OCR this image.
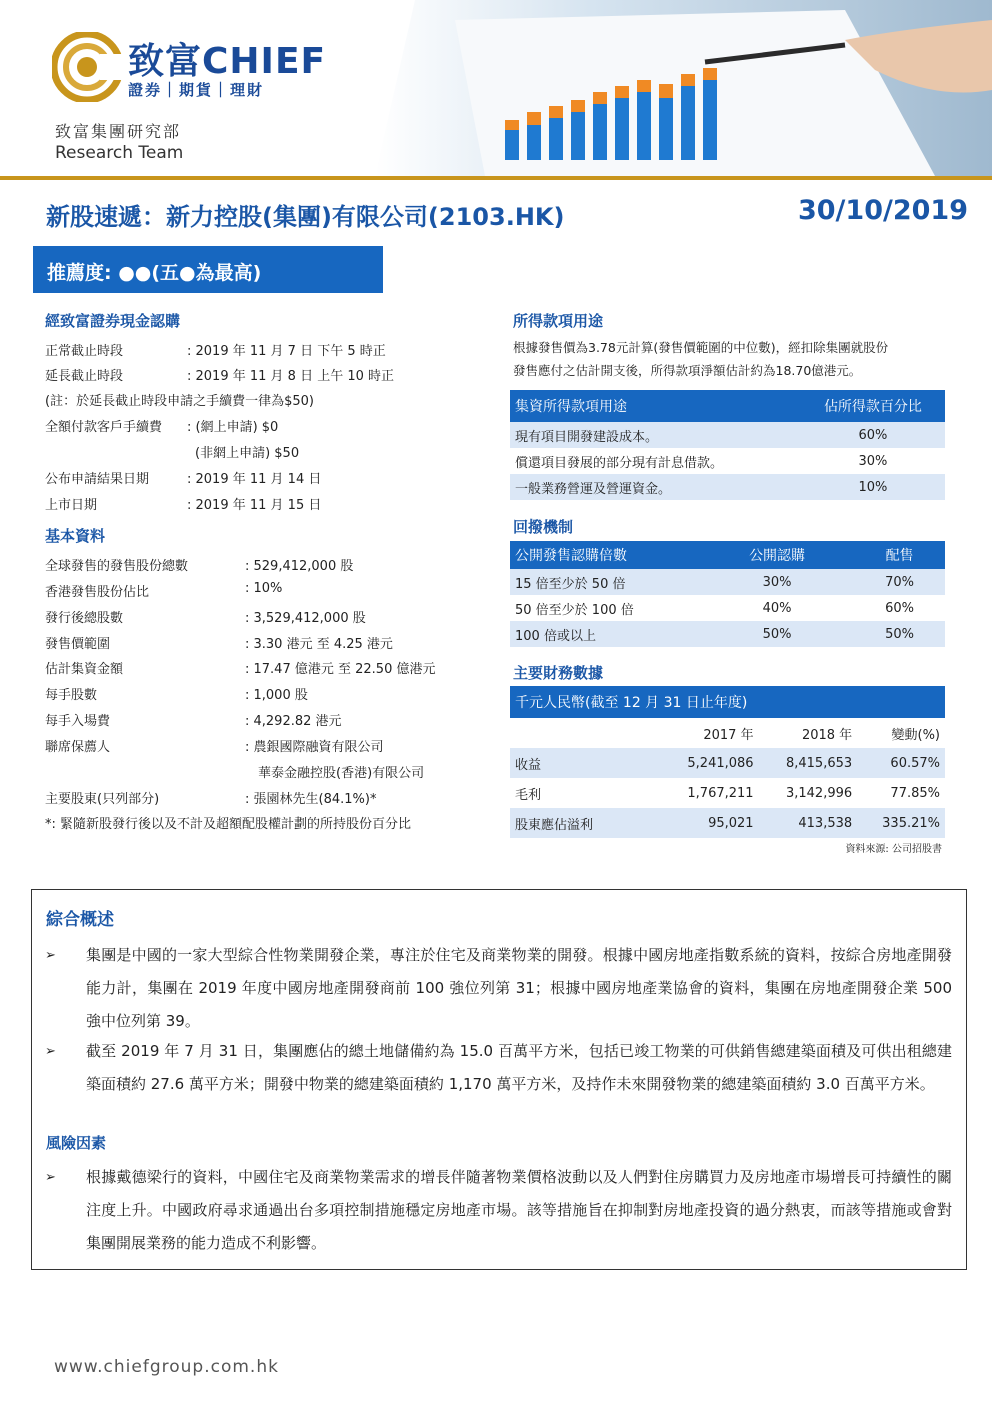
致富CHIEF
證券｜期貨｜理財
致富集團研究部
Research Team
新股速遞：新力控股(集團)有限公司(2103.HK)	30/10/2019
推薦度: ●●(五●為最高)
經致富證券現金認購
正常截止時段	: 2019 年 11 月 7 日 下午 5 時正
延長截止時段	: 2019 年 11 月 8 日 上午 10 時正
(註：於延長截止時段申請之手續費一律為$50)
全額付款客戶手續費 : (網上申請) $0
(非網上申請) $50
公布申請結果日期	: 2019 年 11 月 14 日
上市日期	: 2019 年 11 月 15 日
基本資料
全球發售的發售股份總數	: 529,412,000 股
香港發售股份佔比	: 10%
發行後總股數	: 3,529,412,000 股
發售價範圍	: 3.30 港元 至 4.25 港元
估計集資金額	: 17.47 億港元 至 22.50 億港元
每手股數	: 1,000 股
每手入場費	: 4,292.82 港元
聯席保薦人	: 農銀國際融資有限公司
華泰金融控股(香港)有限公司
主要股東(只列部分)	: 張園林先生(84.1%)*
*: 緊隨新股發行後以及不計及超額配股權計劃的所持股份百分比
所得款項用途
根據發售價為3.78元計算(發售價範圍的中位數)，經扣除集團就股份
發售應付之估計開支後，所得款項淨額估計約為18.70億港元。
集資所得款項用途	佔所得款百分比
現有項目開發建設成本。	60%
償還項目發展的部分現有計息借款。	30%
一般業務營運及營運資金。	10%
回撥機制
公開發售認購倍數	公開認購	配售
15 倍至少於 50 倍	30%	70%
50 倍至少於 100 倍	40%	60%
100 倍或以上	50%	50%
主要財務數據
千元人民幣(截至 12 月 31 日止年度)			
	2017 年	2018 年	變動(%)
收益	5,241,086	8,415,653	60.57%
毛利	1,767,211	3,142,996	77.85%
股東應佔溢利	95,021	413,538	335.21%
資料來源: 公司招股書
綜合概述
➢ 集團是中國的一家大型綜合性物業開發企業，專注於住宅及商業物業的開發。根據中國房地產指數系統的資料，按綜合房地產開發能力計，集團在 2019 年度中國房地產開發商前 100 強位列第 31；根據中國房地產業協會的資料，集團在房地產開發企業 500 強中位列第 39。
➢ 截至 2019 年 7 月 31 日，集團應佔的總土地儲備約為 15.0 百萬平方米，包括已竣工物業的可供銷售總建築面積及可供出租總建築面積約 27.6 萬平方米；開發中物業的總建築面積約 1,170 萬平方米，及持作未來開發物業的總建築面積約 3.0 百萬平方米。
風險因素
➢ 根據戴德梁行的資料，中國住宅及商業物業需求的增長伴隨著物業價格波動以及人們對住房購買力及房地產市場增長可持續性的關注度上升。中國政府尋求通過出台多項控制措施穩定房地產市場。該等措施旨在抑制對房地產投資的過分熱衷，而該等措施或會對集團開展業務的能力造成不利影響。
www.chiefgroup.com.hk
